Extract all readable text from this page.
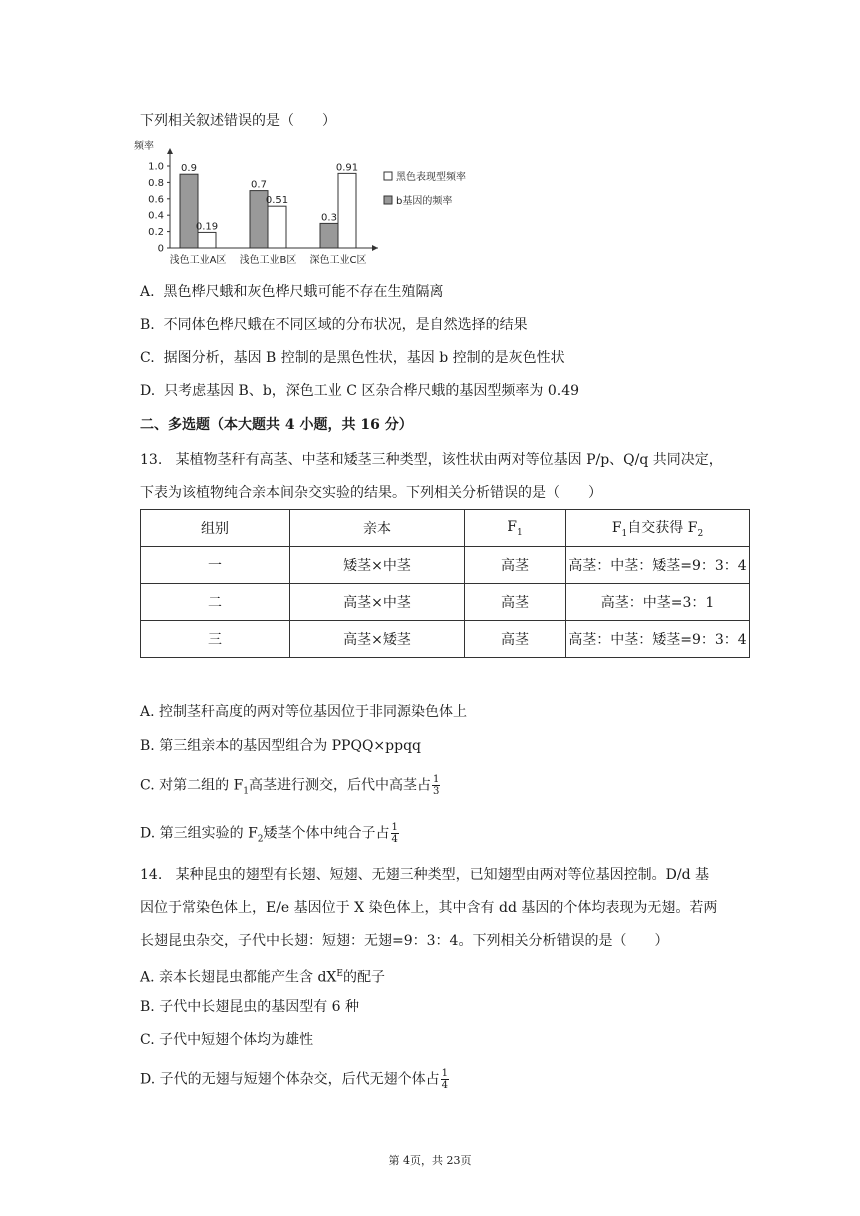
下列相关叙述错误的是（　　）
频率
1.0
0.8
0.6
0.4
0.2
0
0.9
0.19
浅色工业A区
0.7
0.51
浅色工业B区
0.3
0.91
深色工业C区
黑色表现型频率
b基因的频率
A. 黑色桦尺蛾和灰色桦尺蛾可能不存在生殖隔离
B. 不同体色桦尺蛾在不同区域的分布状况，是自然选择的结果
C. 据图分析，基因 B 控制的是黑色性状，基因 b 控制的是灰色性状
D. 只考虑基因 B、b，深色工业 C 区杂合桦尺蛾的基因型频率为 0.49
二、多选题（本大题共 4 小题，共 16 分）
13. 某植物茎秆有高茎、中茎和矮茎三种类型，该性状由两对等位基因 P/p、Q/q 共同决定，
下表为该植物纯合亲本间杂交实验的结果。下列相关分析错误的是（　　）
组别	亲本	$F_1$	$F_1$自交获得 $F_2$
一	矮茎×中茎	高茎	高茎：中茎：矮茎=9：3：4
二	高茎×中茎	高茎	高茎：中茎=3：1
三	高茎×矮茎	高茎	高茎：中茎：矮茎=9：3：4
A. 控制茎秆高度的两对等位基因位于非同源染色体上
B. 第三组亲本的基因型组合为 PPQQ×ppqq
C. 对第二组的 $F_1$高茎进行测交，后代中高茎占 $\frac{1}{3}$
D. 第三组实验的 $F_2$矮茎个体中纯合子占 $\frac{1}{4}$
14. 某种昆虫的翅型有长翅、短翅、无翅三种类型，已知翅型由两对等位基因控制。D/d 基
因位于常染色体上，E/e 基因位于 X 染色体上，其中含有 dd 基因的个体均表现为无翅。若两
长翅昆虫杂交，子代中长翅：短翅：无翅=9：3：4。下列相关分析错误的是（　　）
A. 亲本长翅昆虫都能产生含 $dX^E$的配子
B. 子代中长翅昆虫的基因型有 6 种
C. 子代中短翅个体均为雄性
D. 子代的无翅与短翅个体杂交，后代无翅个体占 $\frac{1}{4}$
第 4页，共 23页
